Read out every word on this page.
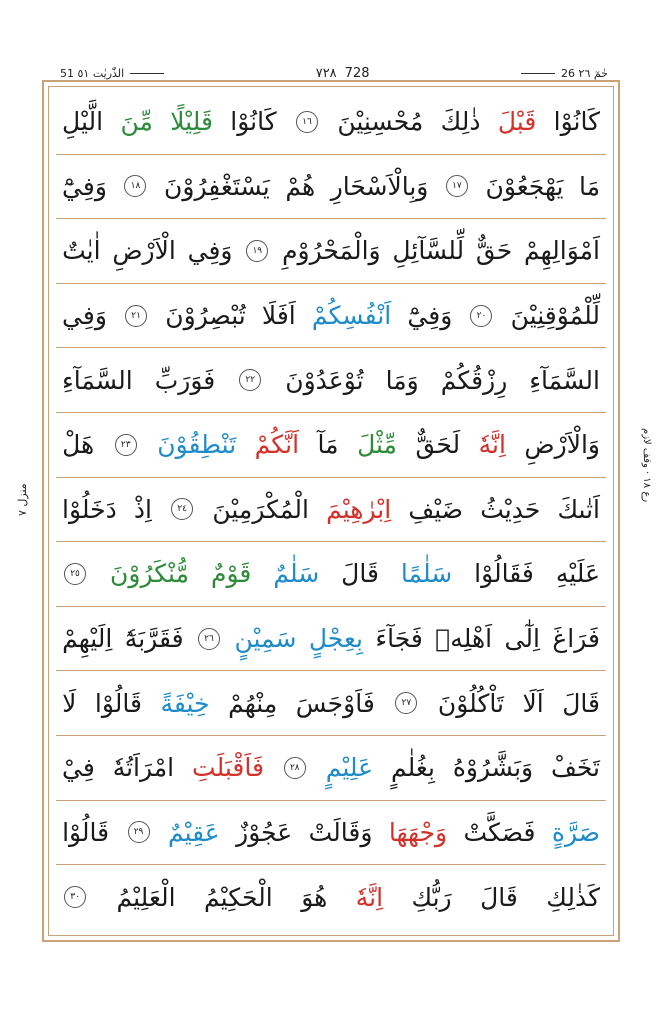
51 الذّٰریٰت ٥١	٧٢٨ 728	26 حٰمٓ ٢٦
رع ١٨ · وقف لازم
منزل ٧
كَانُوْا
قَبْلَ
ذٰلِكَ
مُحْسِنِيْنَ
١٦
كَانُوْا
قَلِيْلًا
مِّنَ
الَّيْلِ
مَا
يَهْجَعُوْنَ
١٧
وَبِالْاَسْحَارِ
هُمْ
يَسْتَغْفِرُوْنَ
١٨
وَفِيْٓ
اَمْوَالِهِمْ
حَقٌّ
لِّلسَّآئِلِ
وَالْمَحْرُوْمِ
١٩
وَفِي
الْاَرْضِ
اٰيٰتٌ
لِّلْمُوْقِنِيْنَ
٢٠
وَفِيْٓ
اَنْفُسِكُمْ
اَفَلَا
تُبْصِرُوْنَ
٢١
وَفِي
السَّمَآءِ
رِزْقُكُمْ
وَمَا
تُوْعَدُوْنَ
٢٢
فَوَرَبِّ
السَّمَآءِ
وَالْاَرْضِ
اِنَّهٗ
لَحَقٌّ
مِّثْلَ
مَآ
اَنَّكُمْ
تَنْطِقُوْنَ
٢٣
هَلْ
اَتٰىكَ
حَدِيْثُ
ضَيْفِ
اِبْرٰهِيْمَ
الْمُكْرَمِيْنَ
٢٤
اِذْ
دَخَلُوْا
عَلَيْهِ
فَقَالُوْا
سَلٰمًا
قَالَ
سَلٰمٌ
قَوْمٌ
مُّنْكَرُوْنَ
٢٥
فَرَاغَ
اِلٰٓى
اَهْلِهٖ
فَجَآءَ
بِعِجْلٍ
سَمِيْنٍ
٢٦
فَقَرَّبَهٗٓ
اِلَيْهِمْ
قَالَ
اَلَا
تَاْكُلُوْنَ
٢٧
فَاَوْجَسَ
مِنْهُمْ
خِيْفَةً
قَالُوْا
لَا
تَخَفْ
وَبَشَّرُوْهُ
بِغُلٰمٍ
عَلِيْمٍ
٢٨
فَاَقْبَلَتِ
امْرَاَتُهٗ
فِيْ
صَرَّةٍ
فَصَكَّتْ
وَجْهَهَا
وَقَالَتْ
عَجُوْزٌ
عَقِيْمٌ
٢٩
قَالُوْا
كَذٰلِكِ
قَالَ
رَبُّكِ
اِنَّهٗ
هُوَ
الْحَكِيْمُ
الْعَلِيْمُ
٣٠
